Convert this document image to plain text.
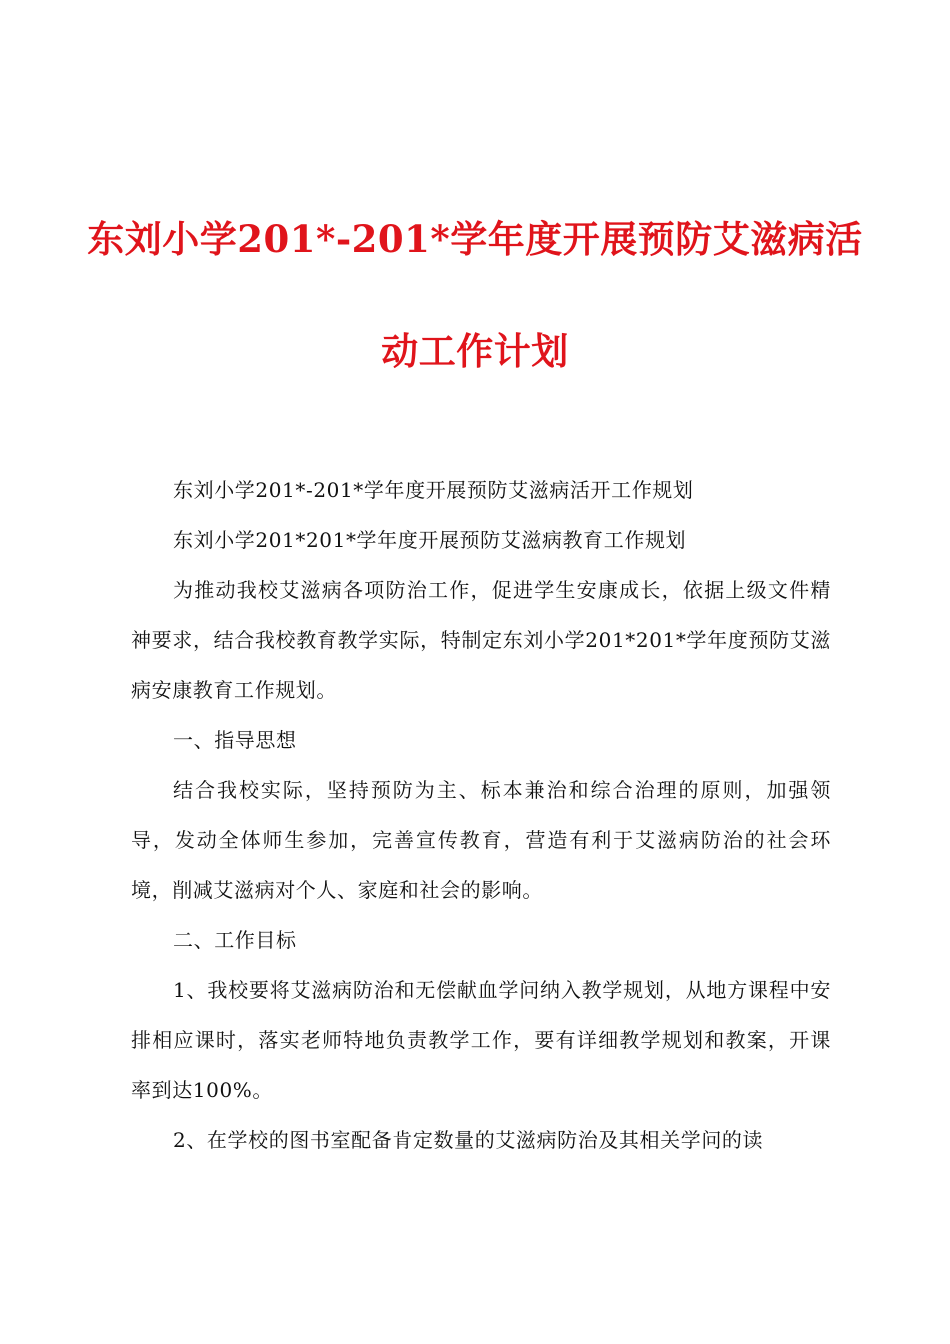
东刘小学201*-201*学年度开展预防艾滋病活
动工作计划

东刘小学201*-201*学年度开展预防艾滋病活开工作规划

东刘小学201*201*学年度开展预防艾滋病教育工作规划

为推动我校艾滋病各项防治工作，促进学生安康成长，依据上级文件精神要求，结合我校教育教学实际，特制定东刘小学201*201*学年度预防艾滋病安康教育工作规划。

一、指导思想

结合我校实际，坚持预防为主、标本兼治和综合治理的原则，加强领导，发动全体师生参加，完善宣传教育，营造有利于艾滋病防治的社会环境，削减艾滋病对个人、家庭和社会的影响。

二、工作目标

1、我校要将艾滋病防治和无偿献血学问纳入教学规划，从地方课程中安排相应课时，落实老师特地负责教学工作，要有详细教学规划和教案，开课率到达100%。

2、在学校的图书室配备肯定数量的艾滋病防治及其相关学问的读
